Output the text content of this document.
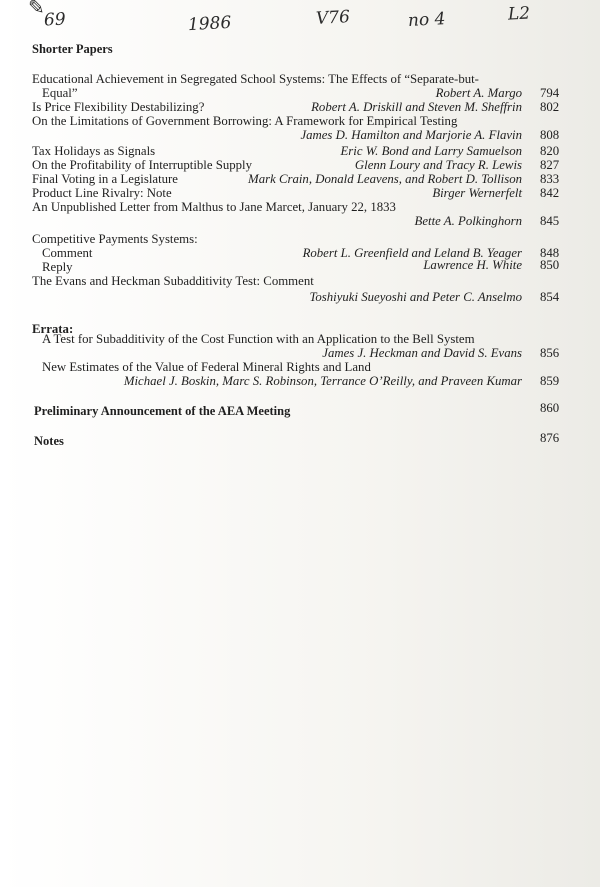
✎
69	1986	V76	no 4	L2
Shorter Papers
Educational Achievement in Segregated School Systems: The Effects of “Separate-but-
Equal”	Robert A. Margo 794
Is Price Flexibility Destabilizing?	Robert A. Driskill and Steven M. Sheffrin 802
On the Limitations of Government Borrowing: A Framework for Empirical Testing
James D. Hamilton and Marjorie A. Flavin 808
Tax Holidays as Signals	Eric W. Bond and Larry Samuelson 820
On the Profitability of Interruptible Supply	Glenn Loury and Tracy R. Lewis 827
Final Voting in a Legislature	Mark Crain, Donald Leavens, and Robert D. Tollison 833
Product Line Rivalry: Note	Birger Wernerfelt 842
An Unpublished Letter from Malthus to Jane Marcet, January 22, 1833
Bette A. Polkinghorn 845
Competitive Payments Systems:
Comment	Robert L. Greenfield and Leland B. Yeager 848
Reply	Lawrence H. White 850
The Evans and Heckman Subadditivity Test: Comment
Toshiyuki Sueyoshi and Peter C. Anselmo 854
Errata:
A Test for Subadditivity of the Cost Function with an Application to the Bell System
James J. Heckman and David S. Evans 856
New Estimates of the Value of Federal Mineral Rights and Land
Michael J. Boskin, Marc S. Robinson, Terrance O’Reilly, and Praveen Kumar 859
Preliminary Announcement of the AEA Meeting	860
Notes	876
